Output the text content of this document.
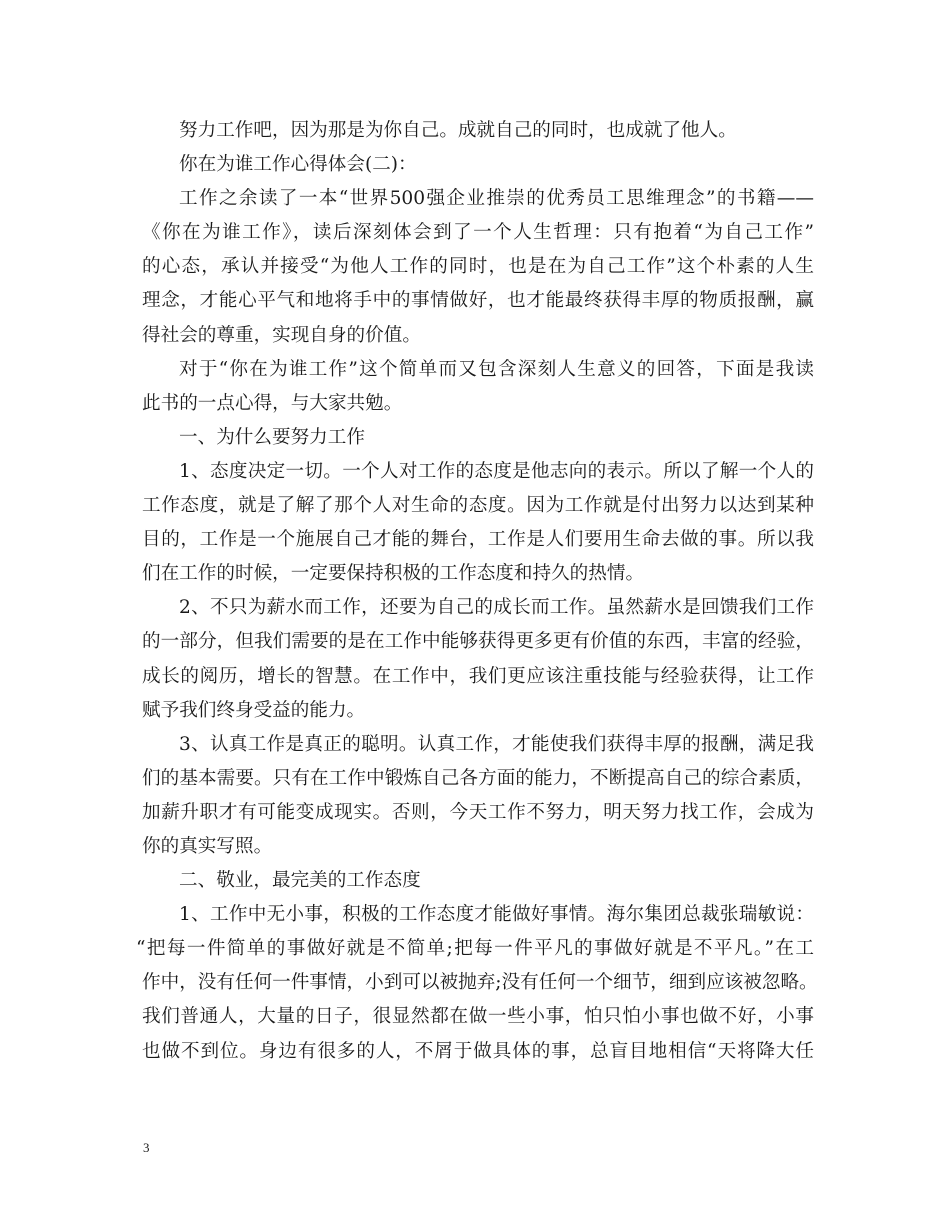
努力工作吧，因为那是为你自己。成就自己的同时，也成就了他人。
你在为谁工作心得体会(二)：
工作之余读了一本“世界500强企业推崇的优秀员工思维理念”的书籍——
《你在为谁工作》，读后深刻体会到了一个人生哲理：只有抱着“为自己工作”
的心态，承认并接受“为他人工作的同时，也是在为自己工作”这个朴素的人生
理念，才能心平气和地将手中的事情做好，也才能最终获得丰厚的物质报酬，赢
得社会的尊重，实现自身的价值。
对于“你在为谁工作”这个简单而又包含深刻人生意义的回答，下面是我读
此书的一点心得，与大家共勉。
一、为什么要努力工作
1、态度决定一切。一个人对工作的态度是他志向的表示。所以了解一个人的
工作态度，就是了解了那个人对生命的态度。因为工作就是付出努力以达到某种
目的，工作是一个施展自己才能的舞台，工作是人们要用生命去做的事。所以我
们在工作的时候，一定要保持积极的工作态度和持久的热情。
2、不只为薪水而工作，还要为自己的成长而工作。虽然薪水是回馈我们工作
的一部分，但我们需要的是在工作中能够获得更多更有价值的东西，丰富的经验，
成长的阅历，增长的智慧。在工作中，我们更应该注重技能与经验获得，让工作
赋予我们终身受益的能力。
3、认真工作是真正的聪明。认真工作，才能使我们获得丰厚的报酬，满足我
们的基本需要。只有在工作中锻炼自己各方面的能力，不断提高自己的综合素质，
加薪升职才有可能变成现实。否则，今天工作不努力，明天努力找工作，会成为
你的真实写照。
二、敬业，最完美的工作态度
1、工作中无小事，积极的工作态度才能做好事情。海尔集团总裁张瑞敏说：
“把每一件简单的事做好就是不简单;把每一件平凡的事做好就是不平凡。”在工
作中，没有任何一件事情，小到可以被抛弃;没有任何一个细节，细到应该被忽略。
我们普通人，大量的日子，很显然都在做一些小事，怕只怕小事也做不好，小事
也做不到位。身边有很多的人，不屑于做具体的事，总盲目地相信“天将降大任
3
